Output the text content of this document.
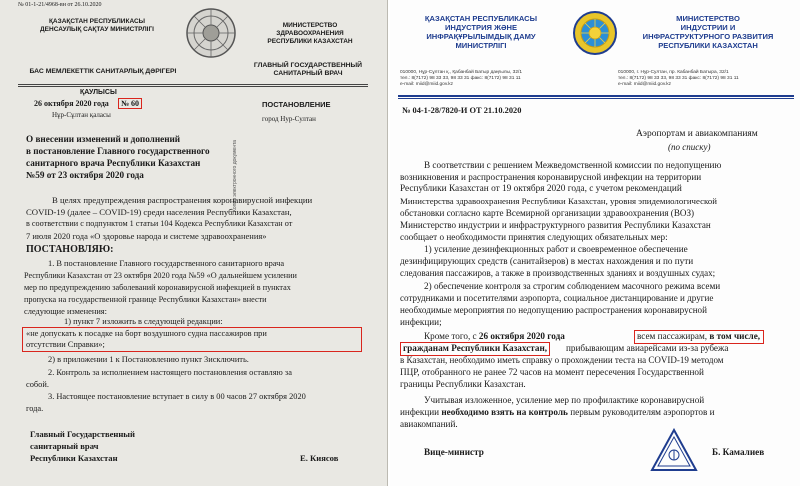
№ 01-1-21/4968-вн от 26.10.2020
ҚАЗАҚСТАН РЕСПУБЛИКАСЫ
ДЕНСАУЛЫҚ САҚТАУ МИНИСТРЛІГІ
МИНИСТЕРСТВО
ЗДРАВООХРАНЕНИЯ
РЕСПУБЛИКИ КАЗАХСТАН
БАС МЕМЛЕКЕТТІК САНИТАРЛЫҚ ДӘРІГЕРІ
ГЛАВНЫЙ ГОСУДАРСТВЕННЫЙ
САНИТАРНЫЙ ВРАЧ
ҚАУЛЫСЫ
26 октября 2020 года	№ 60
Нұр-Сұлтан қаласы
ПОСТАНОВЛЕНИЕ
город Нур-Султан
О внесении изменений и дополнений
в постановление Главного государственного
санитарного врача Республики Казахстан
№59 от 23 октября 2020 года	Копия электронного документа
В целях предупреждения распространения коронавирусной инфекции
COVID-19 (далее – COVID-19) среди населения Республики Казахстан,
в соответствии с подпунктом 1 статьи 104 Кодекса Республики Казахстан от
7 июля 2020 года «О здоровье народа и системе здравоохранения»
ПОСТАНОВЛЯЮ:
1. В постановление Главного государственного санитарного врача
Республики Казахстан от 23 октября 2020 года №59 «О дальнейшем усилении
мер по предупреждению заболеваний коронавирусной инфекцией в пунктах
пропуска на государственной границе Республики Казахстан» внести
следующие изменения:
1) пункт 7 изложить в следующей редакции:
«не допускать к посадке на борт воздушного судна пассажиров при
отсутствии Справки»;
2) в приложении 1 к Постановлению пункт 3исключить.
2. Контроль за исполнением настоящего постановления оставляю за
собой.
3. Настоящее постановление вступает в силу в 00 часов 27 октября 2020
года.
Главный Государственный
санитарный врач
Республики Казахстан	Е. Киясов
ҚАЗАҚСТАН РЕСПУБЛИКАСЫ
ИНДУСТРИЯ ЖӘНЕ
ИНФРАҚҰРЫЛЫМДЫҚ ДАМУ
МИНИСТРЛІГІ
МИНИСТЕРСТВО
ИНДУСТРИИ И
ИНФРАСТРУКТУРНОГО РАЗВИТИЯ
РЕСПУБЛИКИ КАЗАХСТАН
010000, Нұр-Сұлтан қ., Қабанбай Батыр даңғылы, 32/1
тел.: 8(7172) 98 33 33, 98 33 31 факс: 8(7172) 98 31 11
e-mail: miid@miid.gov.kz
010000, г. Нур-Султан, пр. Кабанбай Батыра, 32/1
тел.: 8(7172) 98 33 33, 98 33 31 факс: 8(7172) 98 31 11
e-mail: miid@miid.gov.kz
№ 04-1-28/7820-И ОТ 21.10.2020
Аэропортам и авиакомпаниям
(по списку)
В соответствии с решением Межведомственной комиссии по недопущению
возникновения и распространения коронавирусной инфекции на территории
Республики Казахстан от 19 октября 2020 года, с учетом рекомендаций
Министерства здравоохранения Республики Казахстан, уровня эпидемиологической
обстановки согласно карте Всемирной организации здравоохранения (ВОЗ)
Министерство индустрии и инфраструктурного развития Республики Казахстан
сообщает о необходимости принятия следующих обязательных мер:
1) усиление дезинфекционных работ и своевременное обеспечение
дезинфицирующих средств (санитайзеров) в местах нахождения и по пути
следования пассажиров, а также в производственных зданиях и воздушных судах;
2) обеспечение контроля за строгим соблюдением масочного режима всеми
сотрудниками и посетителями аэропорта, социальное дистанцирование и другие
необходимые мероприятия по недопущению распространения коронавирусной
инфекции;
Кроме того, с 26 октября 2020 года	всем пассажирам, в том числе,
гражданам Республики Казахстан,	прибывающим авиарейсами из-за рубежа
в Казахстан, необходимо иметь справку о прохождении теста на COVID-19 методом
ПЦР, отобранного не ранее 72 часов на момент пересечения Государственной
границы Республики Казахстан.
Учитывая изложенное, усиление мер по профилактике коронавирусной
инфекции необходимо взять на контроль первым руководителям аэропортов и
авиакомпаний.
Вице-министр	Б. Камалиев
